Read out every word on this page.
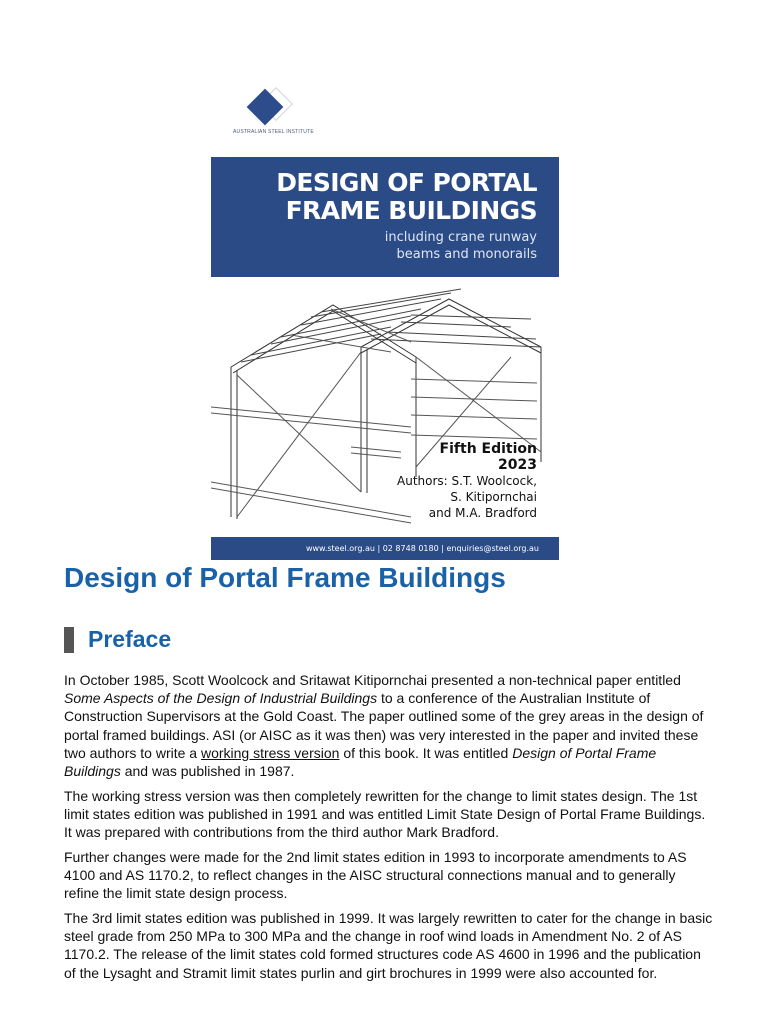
AUSTRALIAN STEEL INSTITUTE
DESIGN OF PORTAL
FRAME BUILDINGS
including crane runway
beams and monorails
Fifth Edition
2023
Authors: S.T. Woolcock,
S. Kitipornchai
and M.A. Bradford
www.steel.org.au | 02 8748 0180 | enquiries@steel.org.au
Design of Portal Frame Buildings
Preface

In October 1985, Scott Woolcock and Sritawat Kitipornchai presented a non-technical paper entitled Some Aspects of the Design of Industrial Buildings to a conference of the Australian Institute of Construction Supervisors at the Gold Coast. The paper outlined some of the grey areas in the design of portal framed buildings. ASI (or AISC as it was then) was very interested in the paper and invited these two authors to write a working stress version of this book. It was entitled Design of Portal Frame Buildings and was published in 1987.

The working stress version was then completely rewritten for the change to limit states design. The 1st limit states edition was published in 1991 and was entitled Limit State Design of Portal Frame Buildings. It was prepared with contributions from the third author Mark Bradford.

Further changes were made for the 2nd limit states edition in 1993 to incorporate amendments to AS 4100 and AS 1170.2, to reflect changes in the AISC structural connections manual and to generally refine the limit state design process.

The 3rd limit states edition was published in 1999. It was largely rewritten to cater for the change in basic steel grade from 250 MPa to 300 MPa and the change in roof wind loads in Amendment No. 2 of AS 1170.2. The release of the limit states cold formed structures code AS 4600 in 1996 and the publication of the Lysaght and Stramit limit states purlin and girt brochures in 1999 were also accounted for.
